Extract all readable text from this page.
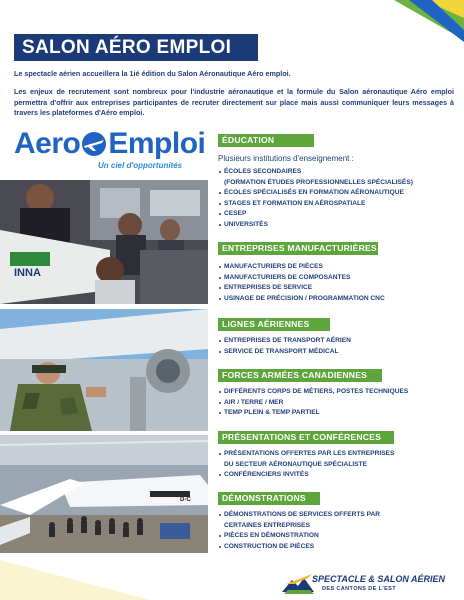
SALON AÉRO EMPLOI
Le spectacle aérien accueillera la 1ié édition du Salon Aéronautique Aéro emploi.
Les enjeux de recrutement sont nombreux pour l'industrie aéronautique et la formule du Salon aéronautique Aéro emploi permettra d'offrir aux entreprises participantes de recruter directement sur place mais aussi communiquer leurs messages à travers les plateformes d'Aéro emploi.
Aero Emploi
Un ciel d'opportunités
INNA
D-C
ÉDUCATION
Plusieurs institutions d'enseignement :
ÉCOLES SECONDAIRES
(FORMATION ÉTUDES PROFESSIONNELLES SPÉCIALISÉS)
ÉCOLES SPÉCIALISÉS EN FORMATION AÉRONAUTIQUE
STAGES ET FORMATION EN AÉROSPATIALE
CESEP
UNIVERSITÉS
ENTREPRISES MANUFACTURIÈRES
MANUFACTURIERS DE PIÈCES
MANUFACTURIERS DE COMPOSANTES
ENTREPRISES DE SERVICE
USINAGE DE PRÉCISION / PROGRAMMATION CNC
LIGNES AÉRIENNES
ENTREPRISES DE TRANSPORT AÉRIEN
SERVICE DE TRANSPORT MÉDICAL
FORCES ARMÉES CANADIENNES
DIFFÉRENTS CORPS DE MÉTIERS, POSTES TECHNIQUES
AIR / TERRE / MER
TEMP PLEIN & TEMP PARTIEL
PRÉSENTATIONS ET CONFÉRENCES
PRÉSENTATIONS OFFERTES PAR LES ENTREPRISES
DU SECTEUR AÉRONAUTIQUE SPÉCIALISTE
CONFÉRENCIERS INVITÉS
DÉMONSTRATIONS
DÉMONSTRATIONS DE SERVICES OFFERTS PAR
CERTAINES ENTREPRISES
PIÈCES EN DÉMONSTRATION
CONSTRUCTION DE PIÈCES
SPECTACLE & SALON AÉRIEN
DES CANTONS DE L'EST
